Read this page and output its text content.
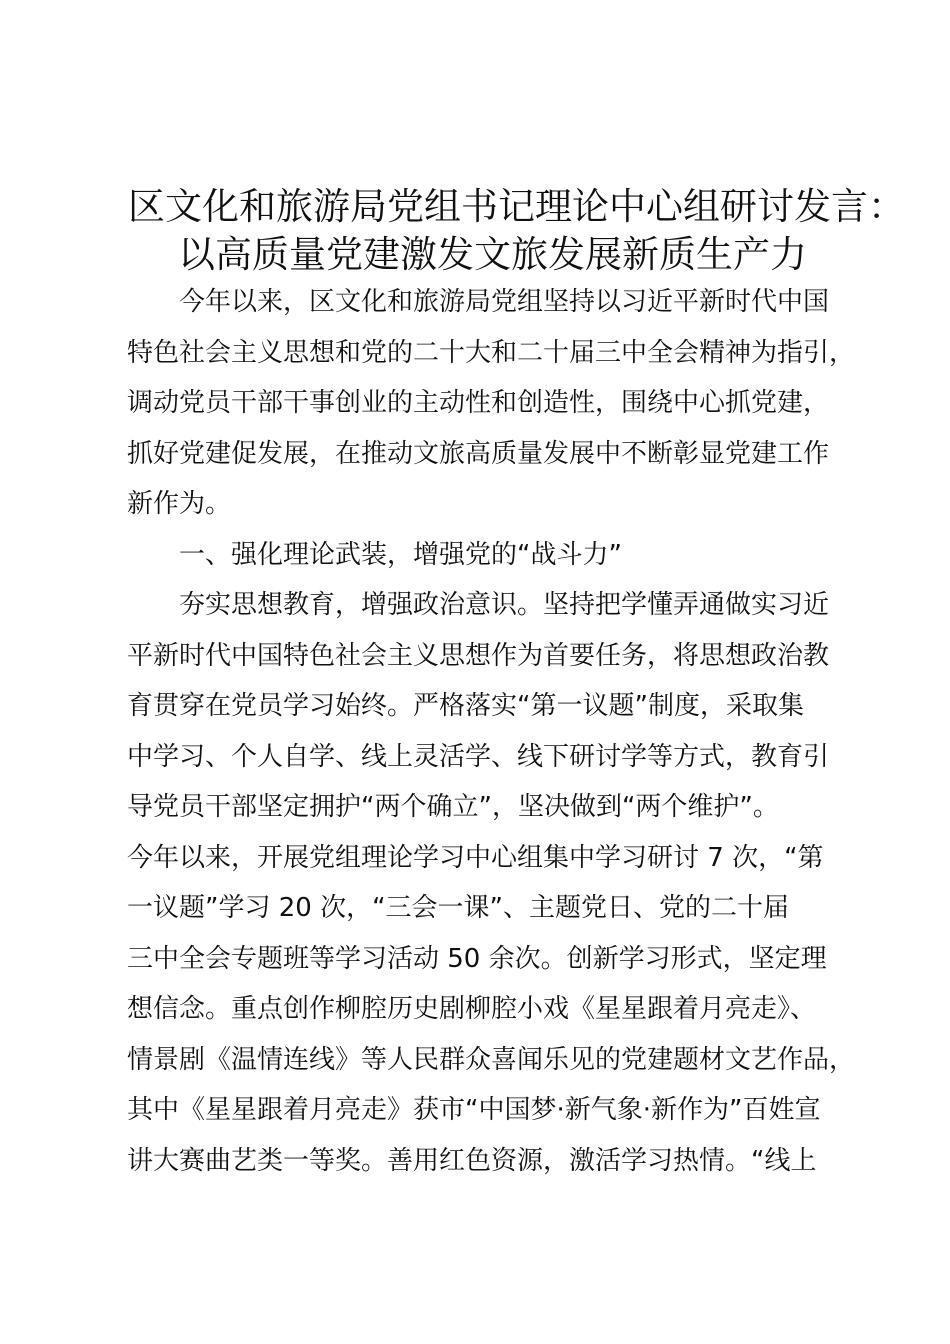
区文化和旅游局党组书记理论中心组研讨发言：
以高质量党建激发文旅发展新质生产力
　　今年以来，区文化和旅游局党组坚持以习近平新时代中国
特色社会主义思想和党的二十大和二十届三中全会精神为指引，
调动党员干部干事创业的主动性和创造性，围绕中心抓党建，
抓好党建促发展，在推动文旅高质量发展中不断彰显党建工作
新作为。
　　一、强化理论武装，增强党的“战斗力”
　　夯实思想教育，增强政治意识。坚持把学懂弄通做实习近
平新时代中国特色社会主义思想作为首要任务，将思想政治教
育贯穿在党员学习始终。严格落实“第一议题”制度，采取集
中学习、个人自学、线上灵活学、线下研讨学等方式，教育引
导党员干部坚定拥护“两个确立”，坚决做到“两个维护”。
今年以来，开展党组理论学习中心组集中学习研讨 7 次，“第
一议题”学习 20 次，“三会一课”、主题党日、党的二十届
三中全会专题班等学习活动 50 余次。创新学习形式，坚定理
想信念。重点创作柳腔历史剧柳腔小戏《星星跟着月亮走》、
情景剧《温情连线》等人民群众喜闻乐见的党建题材文艺作品，
其中《星星跟着月亮走》获市“中国梦·新气象·新作为”百姓宣
讲大赛曲艺类一等奖。善用红色资源，激活学习热情。“线上
